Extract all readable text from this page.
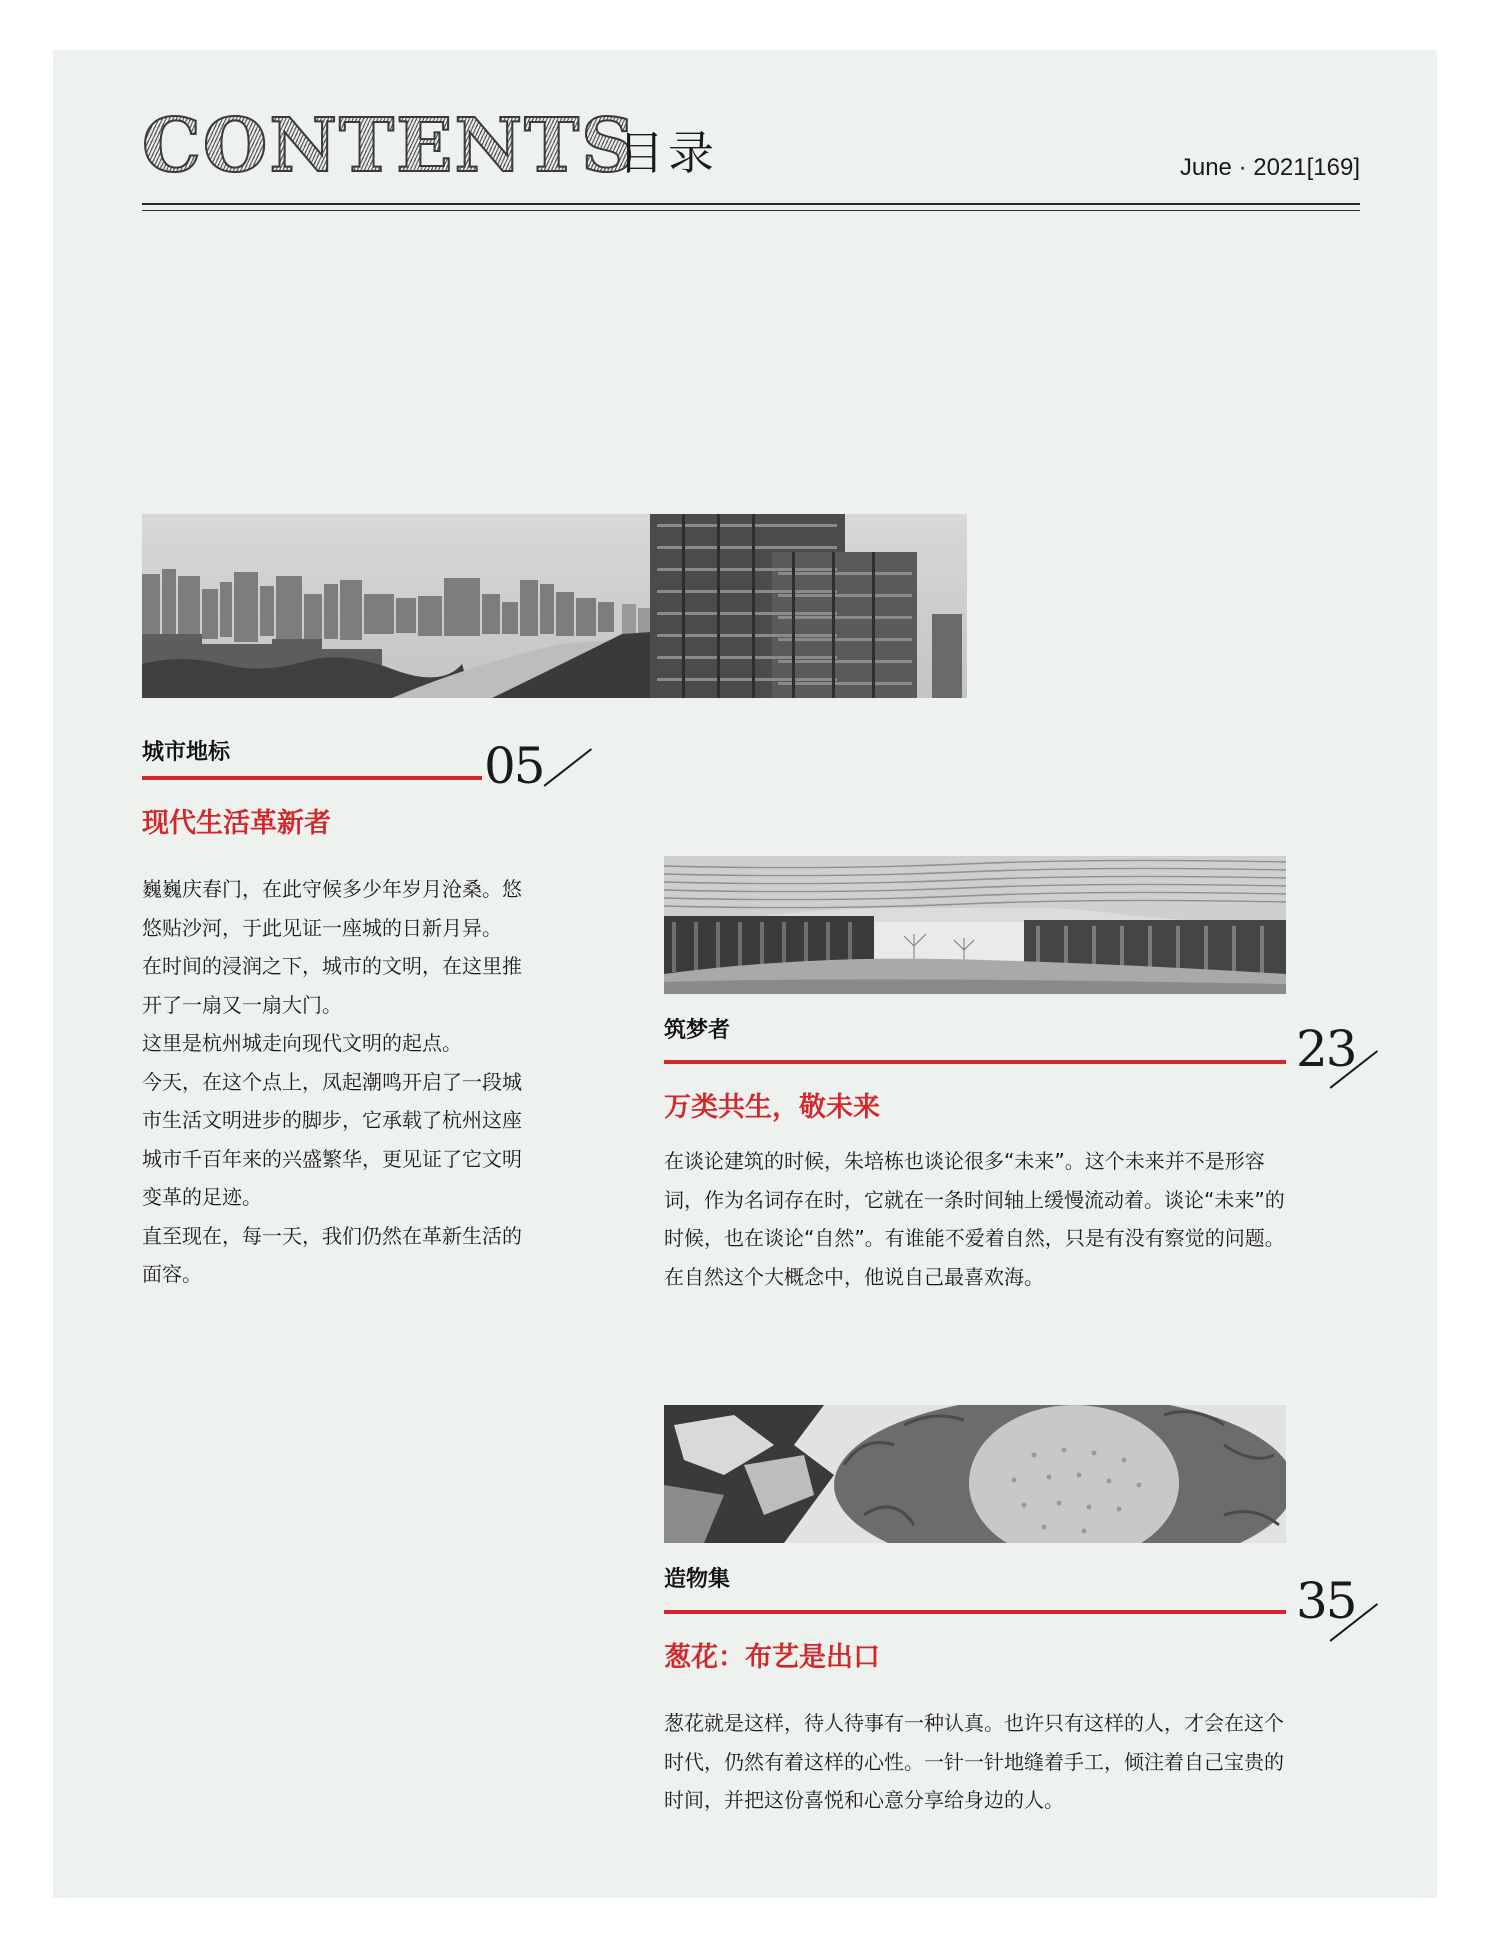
CONTENTS
目录	June · 2021[169]
城市地标	05
现代生活革新者

巍巍庆春门，在此守候多少年岁月沧桑。悠悠贴沙河，于此见证一座城的日新月异。

在时间的浸润之下，城市的文明，在这里推开了一扇又一扇大门。

这里是杭州城走向现代文明的起点。

今天，在这个点上，凤起潮鸣开启了一段城市生活文明进步的脚步，它承载了杭州这座城市千百年来的兴盛繁华，更见证了它文明变革的足迹。

直至现在，每一天，我们仍然在革新生活的面容。

筑梦者	23
万类共生，敬未来

在谈论建筑的时候，朱培栋也谈论很多“未来”。这个未来并不是形容词，作为名词存在时，它就在一条时间轴上缓慢流动着。谈论“未来”的时候，也在谈论“自然”。有谁能不爱着自然，只是有没有察觉的问题。在自然这个大概念中，他说自己最喜欢海。

造物集	35
葱花：布艺是出口

葱花就是这样，待人待事有一种认真。也许只有这样的人，才会在这个时代，仍然有着这样的心性。一针一针地缝着手工，倾注着自己宝贵的时间，并把这份喜悦和心意分享给身边的人。
